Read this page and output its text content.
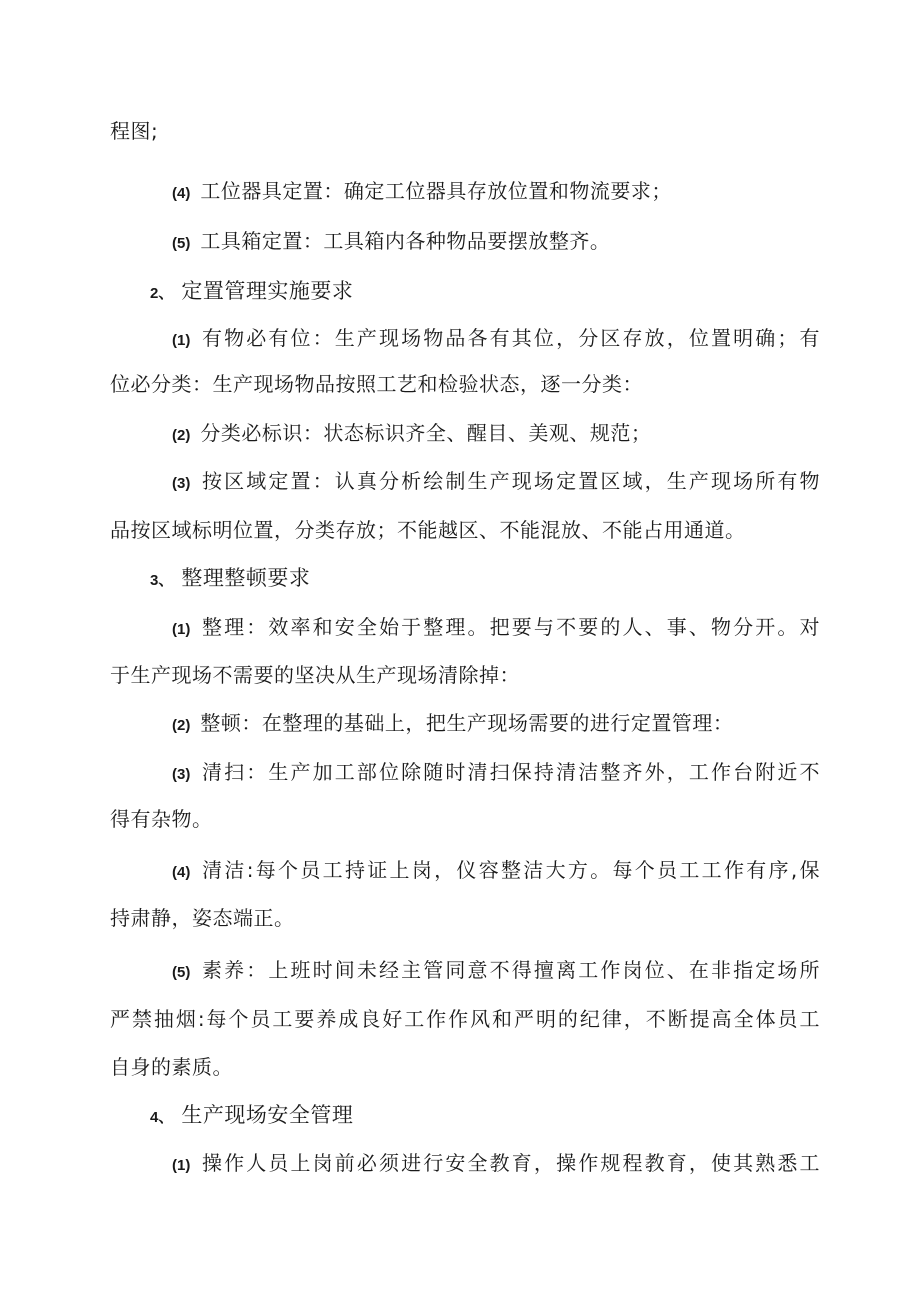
程图;
(4) 工位器具定置：确定工位器具存放位置和物流要求；
(5) 工具箱定置：工具箱内各种物品要摆放整齐。
2、 定置管理实施要求
(1) 有物必有位：生产现场物品各有其位，分区存放，位置明确；有
位必分类：生产现场物品按照工艺和检验状态，逐一分类：
(2) 分类必标识：状态标识齐全、醒目、美观、规范；
(3) 按区域定置：认真分析绘制生产现场定置区域，生产现场所有物
品按区域标明位置，分类存放；不能越区、不能混放、不能占用通道。
3、 整理整顿要求
(1) 整理：效率和安全始于整理。把要与不要的人、事、物分开。对
于生产现场不需要的坚决从生产现场清除掉：
(2) 整顿：在整理的基础上，把生产现场需要的进行定置管理：
(3) 清扫：生产加工部位除随时清扫保持清洁整齐外，工作台附近不
得有杂物。
(4) 清洁:每个员工持证上岗，仪容整洁大方。每个员工工作有序,保
持肃静，姿态端正。
(5) 素养：上班时间未经主管同意不得擅离工作岗位、在非指定场所
严禁抽烟:每个员工要养成良好工作作风和严明的纪律，不断提高全体员工
自身的素质。
4、 生产现场安全管理
(1) 操作人员上岗前必须进行安全教育，操作规程教育，使其熟悉工
